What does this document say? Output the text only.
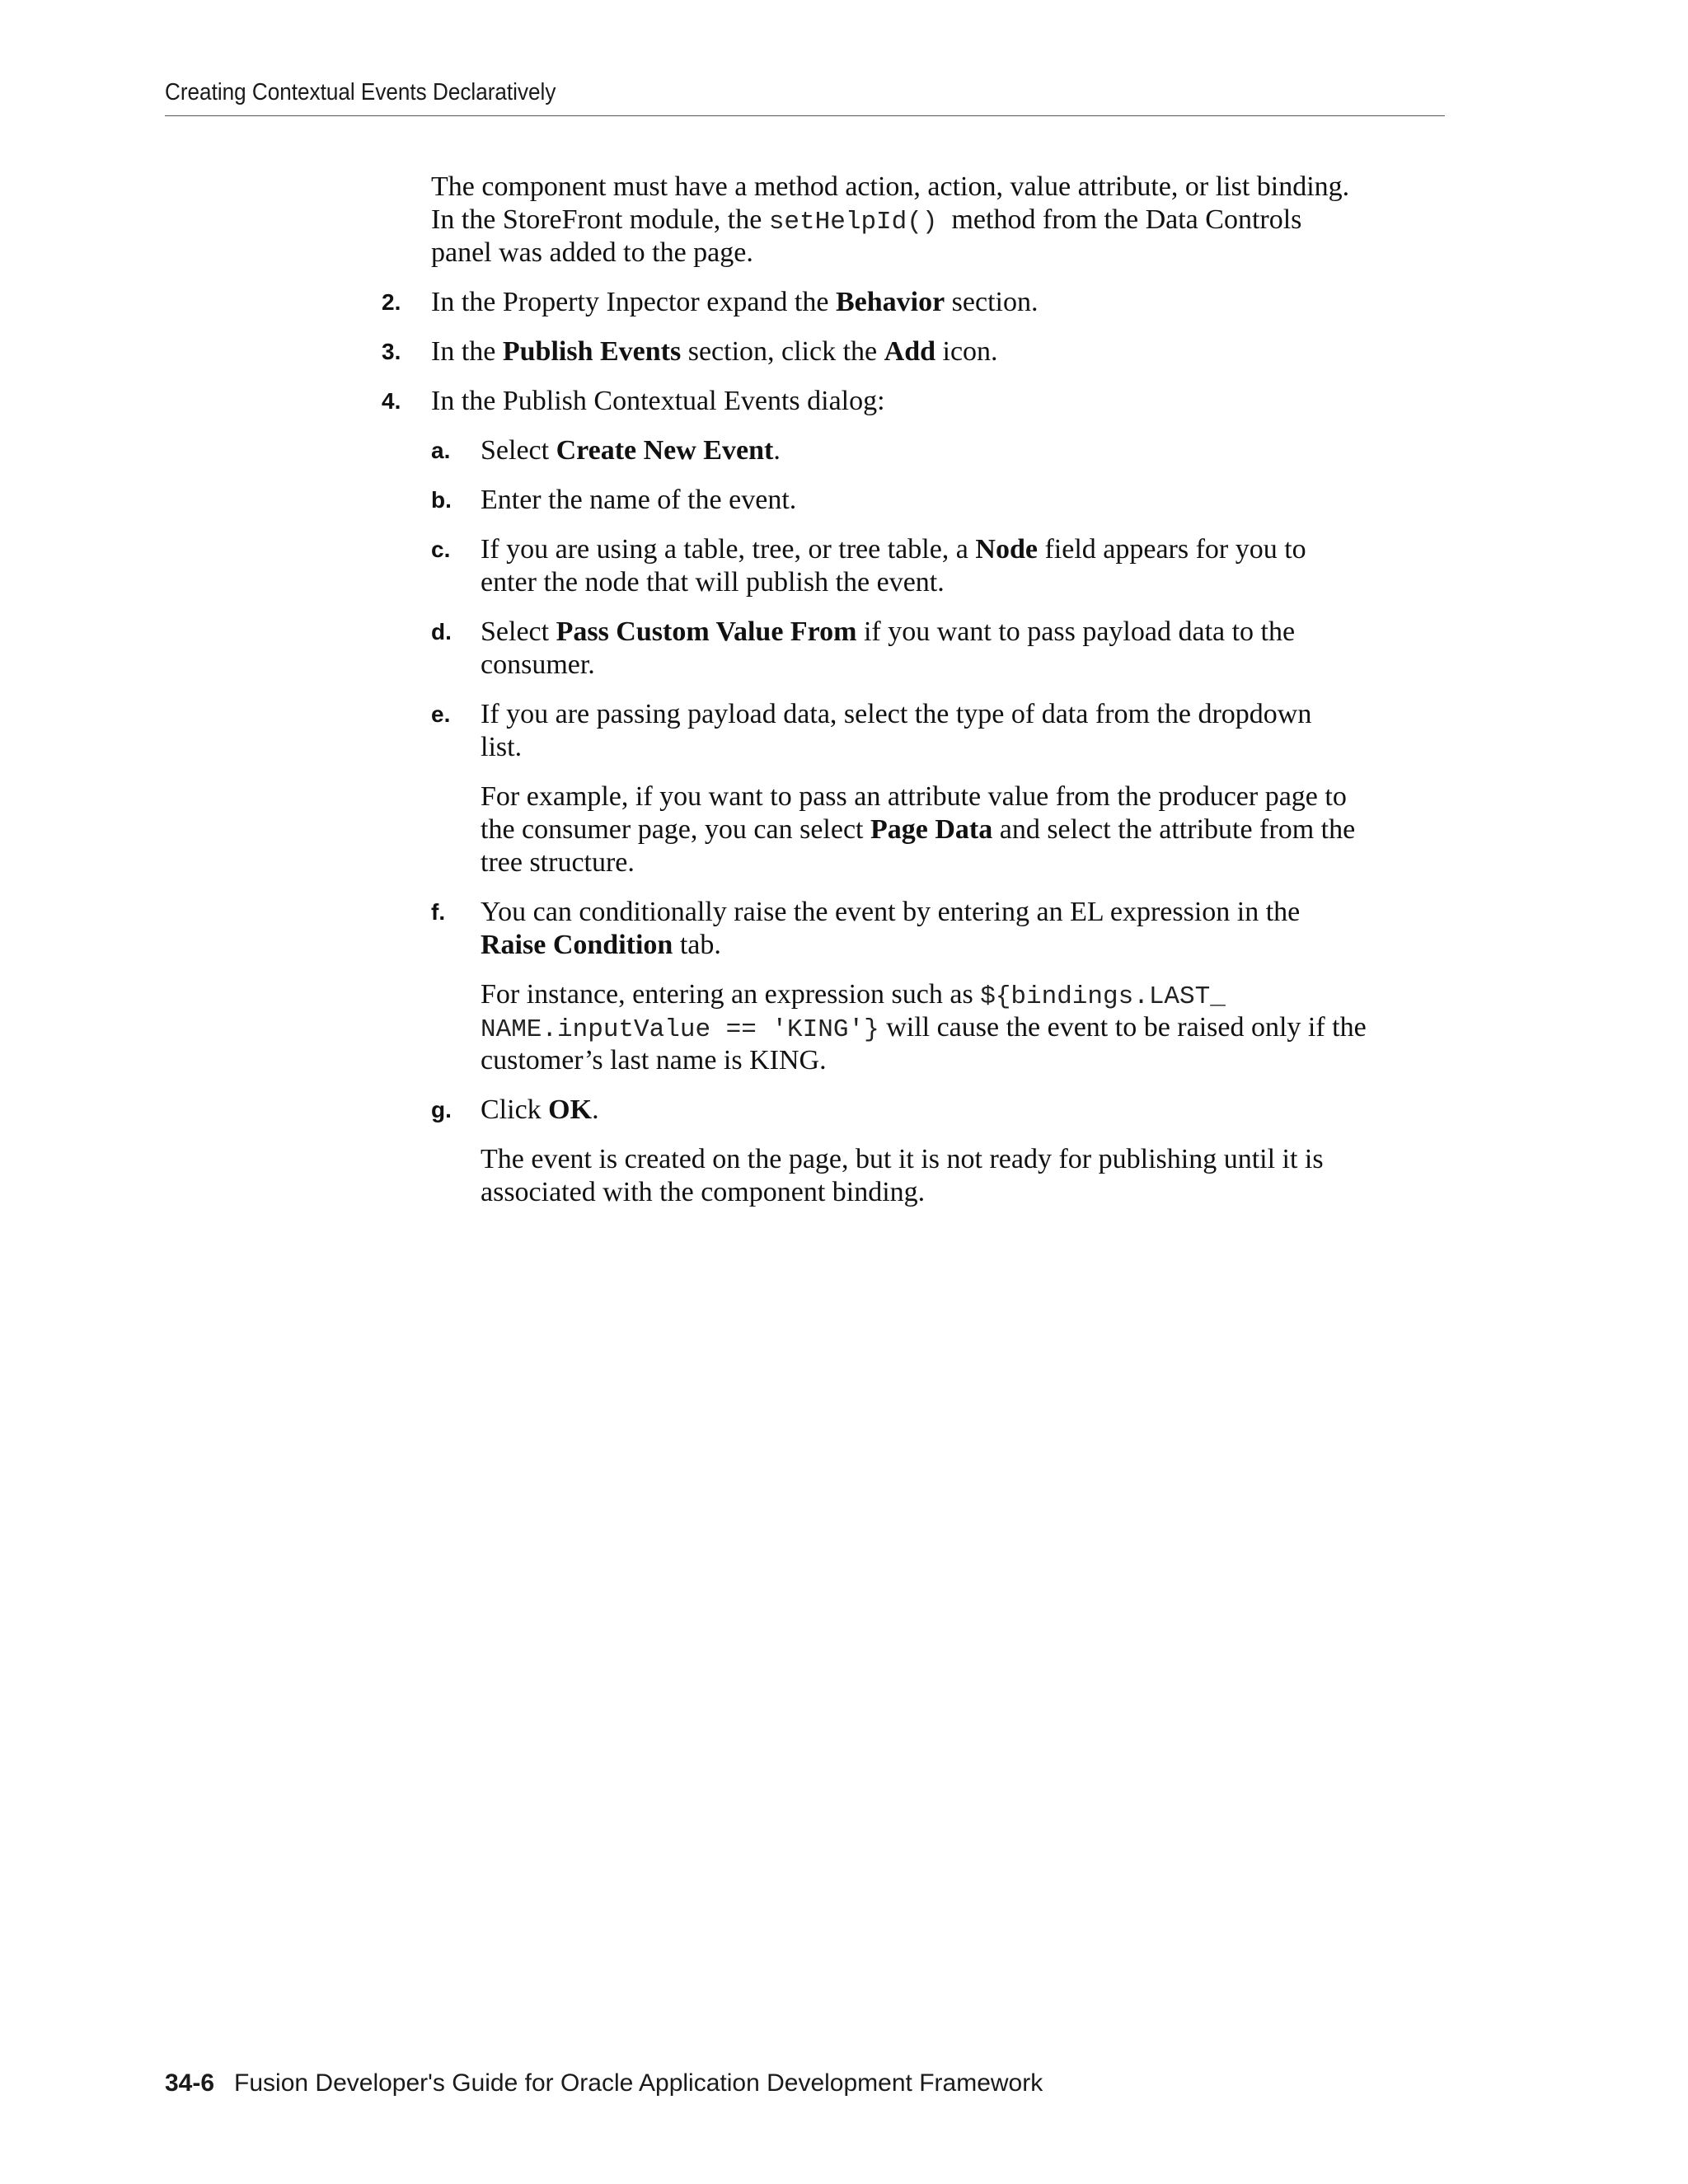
Creating Contextual Events Declaratively

The component must have a method action, action, value attribute, or list binding.

In the StoreFront module, the setHelpId()  method from the Data Controls

panel was added to the page.

2. In the Property Inpector expand the Behavior section.

3. In the Publish Events section, click the Add icon.

4. In the Publish Contextual Events dialog:

a. Select Create New Event.

b. Enter the name of the event.

c. If you are using a table, tree, or tree table, a Node field appears for you to

enter the node that will publish the event.

d. Select Pass Custom Value From if you want to pass payload data to the

consumer.

e. If you are passing payload data, select the type of data from the dropdown

list.

For example, if you want to pass an attribute value from the producer page to

the consumer page, you can select Page Data and select the attribute from the

tree structure.

f. You can conditionally raise the event by entering an EL expression in the

Raise Condition tab.

For instance, entering an expression such as ${bindings.LAST_

NAME.inputValue == 'KING'} will cause the event to be raised only if the

customer’s last name is KING.

g. Click OK.

The event is created on the page, but it is not ready for publishing until it is

associated with the component binding.

34-6 Fusion Developer's Guide for Oracle Application Development Framework
